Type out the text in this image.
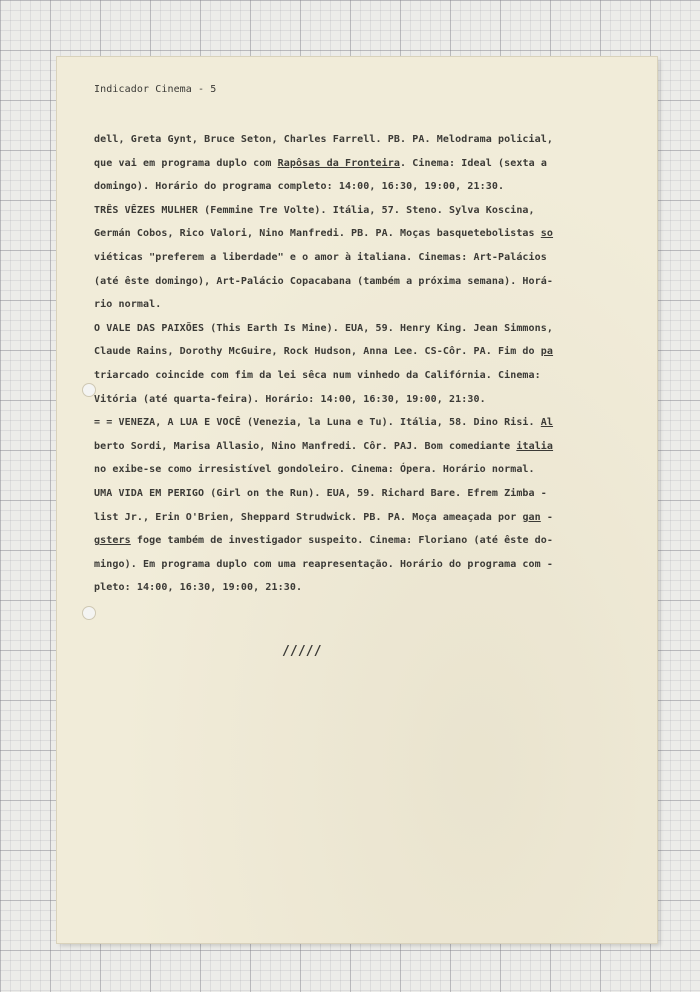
Indicador Cinema - 5
dell, Greta Gynt, Bruce Seton, Charles Farrell. PB. PA. Melodrama policial,
que vai em programa duplo com Rapôsas da Fronteira. Cinema: Ideal (sexta a
domingo). Horário do programa completo: 14:00, 16:30, 19:00, 21:30.
TRÊS VÊZES MULHER (Femmine Tre Volte). Itália, 57. Steno. Sylva Koscina,
Germán Cobos, Rico Valori, Nino Manfredi. PB. PA. Moças basquetebolistas so
viéticas "preferem a liberdade" e o amor à italiana. Cinemas: Art-Palácios
(até êste domingo), Art-Palácio Copacabana (também a próxima semana). Horá-
rio normal.
O VALE DAS PAIXÕES (This Earth Is Mine). EUA, 59. Henry King. Jean Simmons,
Claude Rains, Dorothy McGuire, Rock Hudson, Anna Lee. CS-Côr. PA. Fim do pa
triarcado coincide com fim da lei sêca num vinhedo da Califórnia. Cinema:
Vitória (até quarta-feira). Horário: 14:00, 16:30, 19:00, 21:30.
= = VENEZA, A LUA E VOCÊ (Venezia, la Luna e Tu). Itália, 58. Dino Risi. Al
berto Sordi, Marisa Allasio, Nino Manfredi. Côr. PAJ. Bom comediante italia
no exibe-se como irresistível gondoleiro. Cinema: Ópera. Horário normal.
UMA VIDA EM PERIGO (Girl on the Run). EUA, 59. Richard Bare. Efrem Zimba -
list Jr., Erin O'Brien, Sheppard Strudwick. PB. PA. Moça ameaçada por gan -
gsters foge também de investigador suspeito. Cinema: Floriano (até êste do-
mingo). Em programa duplo com uma reapresentação. Horário do programa com -
pleto: 14:00, 16:30, 19:00, 21:30.
/////
